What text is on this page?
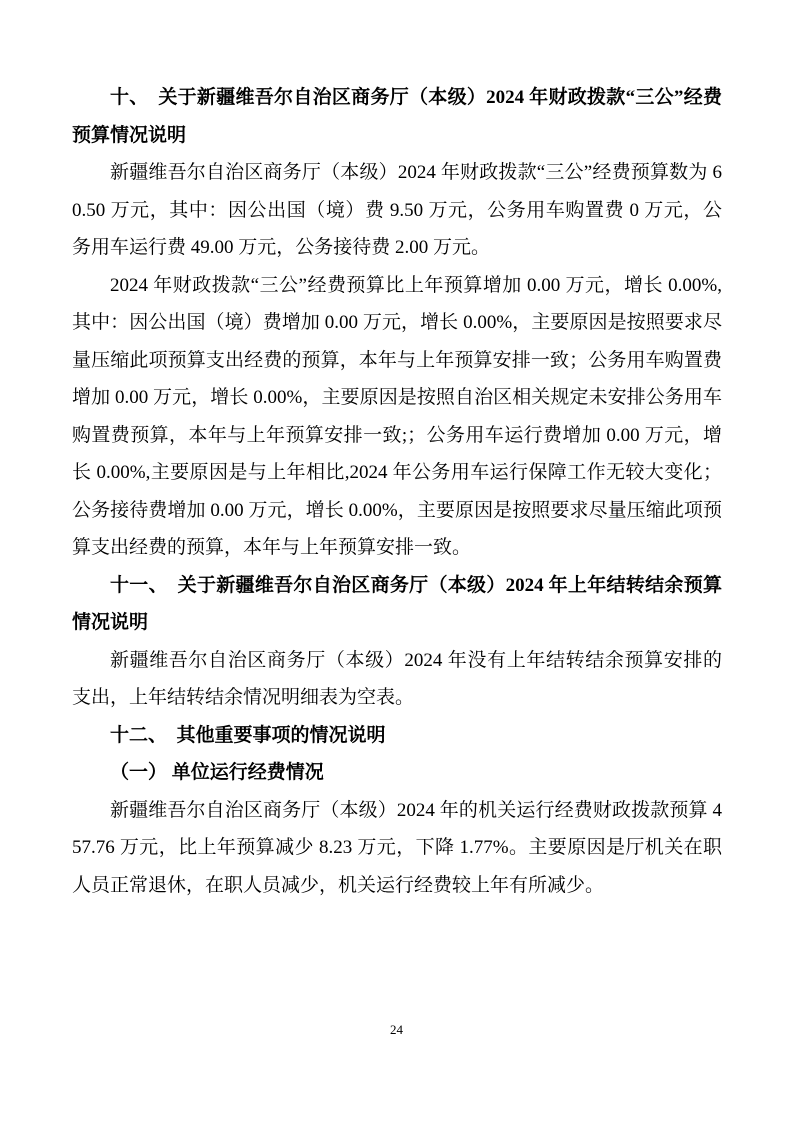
十、　关于新疆维吾尔自治区商务厅（本级）2024 年财政拨款“三公”经费预算情况说明

新疆维吾尔自治区商务厅（本级）2024 年财政拨款“三公”经费预算数为 60.50 万元，其中：因公出国（境）费 9.50 万元，公务用车购置费 0 万元，公务用车运行费 49.00 万元，公务接待费 2.00 万元。

2024 年财政拨款“三公”经费预算比上年预算增加 0.00 万元，增长 0.00%,其中：因公出国（境）费增加 0.00 万元，增长 0.00%，主要原因是按照要求尽量压缩此项预算支出经费的预算，本年与上年预算安排一致；公务用车购置费增加 0.00 万元，增长 0.00%，主要原因是按照自治区相关规定未安排公务用车购置费预算，本年与上年预算安排一致;；公务用车运行费增加 0.00 万元，增长 0.00%,主要原因是与上年相比,2024 年公务用车运行保障工作无较大变化；公务接待费增加 0.00 万元，增长 0.00%，主要原因是按照要求尽量压缩此项预算支出经费的预算，本年与上年预算安排一致。

十一、　关于新疆维吾尔自治区商务厅（本级）2024 年上年结转结余预算情况说明

新疆维吾尔自治区商务厅（本级）2024 年没有上年结转结余预算安排的支出，上年结转结余情况明细表为空表。

十二、　其他重要事项的情况说明
（一） 单位运行经费情况

新疆维吾尔自治区商务厅（本级）2024 年的机关运行经费财政拨款预算 457.76 万元，比上年预算减少 8.23 万元，下降 1.77%。主要原因是厅机关在职人员正常退休，在职人员减少，机关运行经费较上年有所减少。

24
